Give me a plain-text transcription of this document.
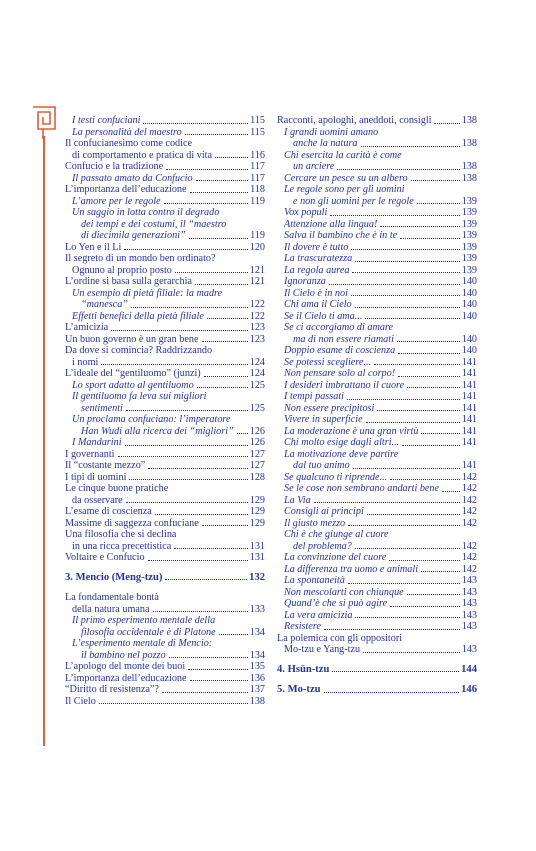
I testi confuciani	115
La personalità del maestro	115
Il confucianesimo come codice
di comportamento e pratica di vita	116
Confucio e la tradizione	117
Il passato amato da Confucio	117
L’importanza dell’educazione	118
L’amore per le regole	119
Un saggio in lotta contro il degrado
dei tempi e dei costumi, il “maestro
di diecimila generazioni”	119
Lo Yen e il Li	120
Il segreto di un mondo ben ordinato?
Ognuno al proprio posto	121
L’ordine si basa sulla gerarchia	121
Un esempio di pietà filiale: la madre
“manesca”	122
Effetti benefici della pietà filiale	122
L’amicizia	123
Un buon governo è un gran bene	123
Da dove si comincia? Raddrizzando
i nomi	124
L’ideale del “gentiluomo” (junzi)	124
Lo sport adatto al gentiluomo	125
Il gentiluomo fa leva sui migliori
sentimenti	125
Un proclama confuciano: l’imperatore
Han Wudi alla ricerca dei “migliori” 126
I Mandarini	126
I governanti	127
Il “costante mezzo”	127
I tipi di uomini	128
Le cinque buone pratiche
da osservare	129
L’esame di coscienza	129
Massime di saggezza confuciane	129
Una filosofia che si declina
in una ricca precettistica	131
Voltaire e Confucio	131
3. Mencio (Meng-tzu)	132
La fondamentale bontà
della natura umana	133
Il primo esperimento mentale della
filosofia occidentale è di Platone	134
L’esperimento mentale di Mencio:
il bambino nel pozzo	134
L’apologo del monte dei buoi	135
L’importanza dell’educazione	136
“Diritto di resistenza”?	137
Il Cielo	138
Racconti, apologhi, aneddoti, consigli	138
I grandi uomini amano
anche la natura	138
Chi esercita la carità è come
un arciere	138
Cercare un pesce su un albero	138
Le regole sono per gli uomini
e non gli uomini per le regole	139
Vox populi	139
Attenzione alla lingua!	139
Salva il bambino che è in te	139
Il dovere è tutto	139
La trascuratezza	139
La regola aurea	139
Ignoranza	140
Il Cielo è in noi	140
Chi ama il Cielo	140
Se il Cielo ti ama...	140
Se ci accorgiamo di amare
ma di non essere riamati	140
Doppio esame di coscienza	140
Se potessi scegliere...	141
Non pensare solo al corpo!	141
I desideri imbrattano il cuore	141
I tempi passati	141
Non essere precipitosi	141
Vivere in superficie	141
La moderazione è una gran virtù	141
Chi molto esige dagli altri...	141
La motivazione deve partire
dal tuo animo	141
Se qualcuno ti riprende...	142
Se le cose non sembrano andarti bene 142
La Via	142
Consigli ai principi	142
Il giusto mezzo	142
Chi è che giunge al cuore
del problema?	142
La convinzione del cuore	142
La differenza tra uomo e animali	142
La spontaneità	143
Non mescolarti con chiunque	143
Quand’è che si può agire	143
La vera amicizia	143
Resistere	143
La polemica con gli oppositori
Mo-tzu e Yang-tzu	143
4. Hsün-tzu	144
5. Mo-tzu	146
